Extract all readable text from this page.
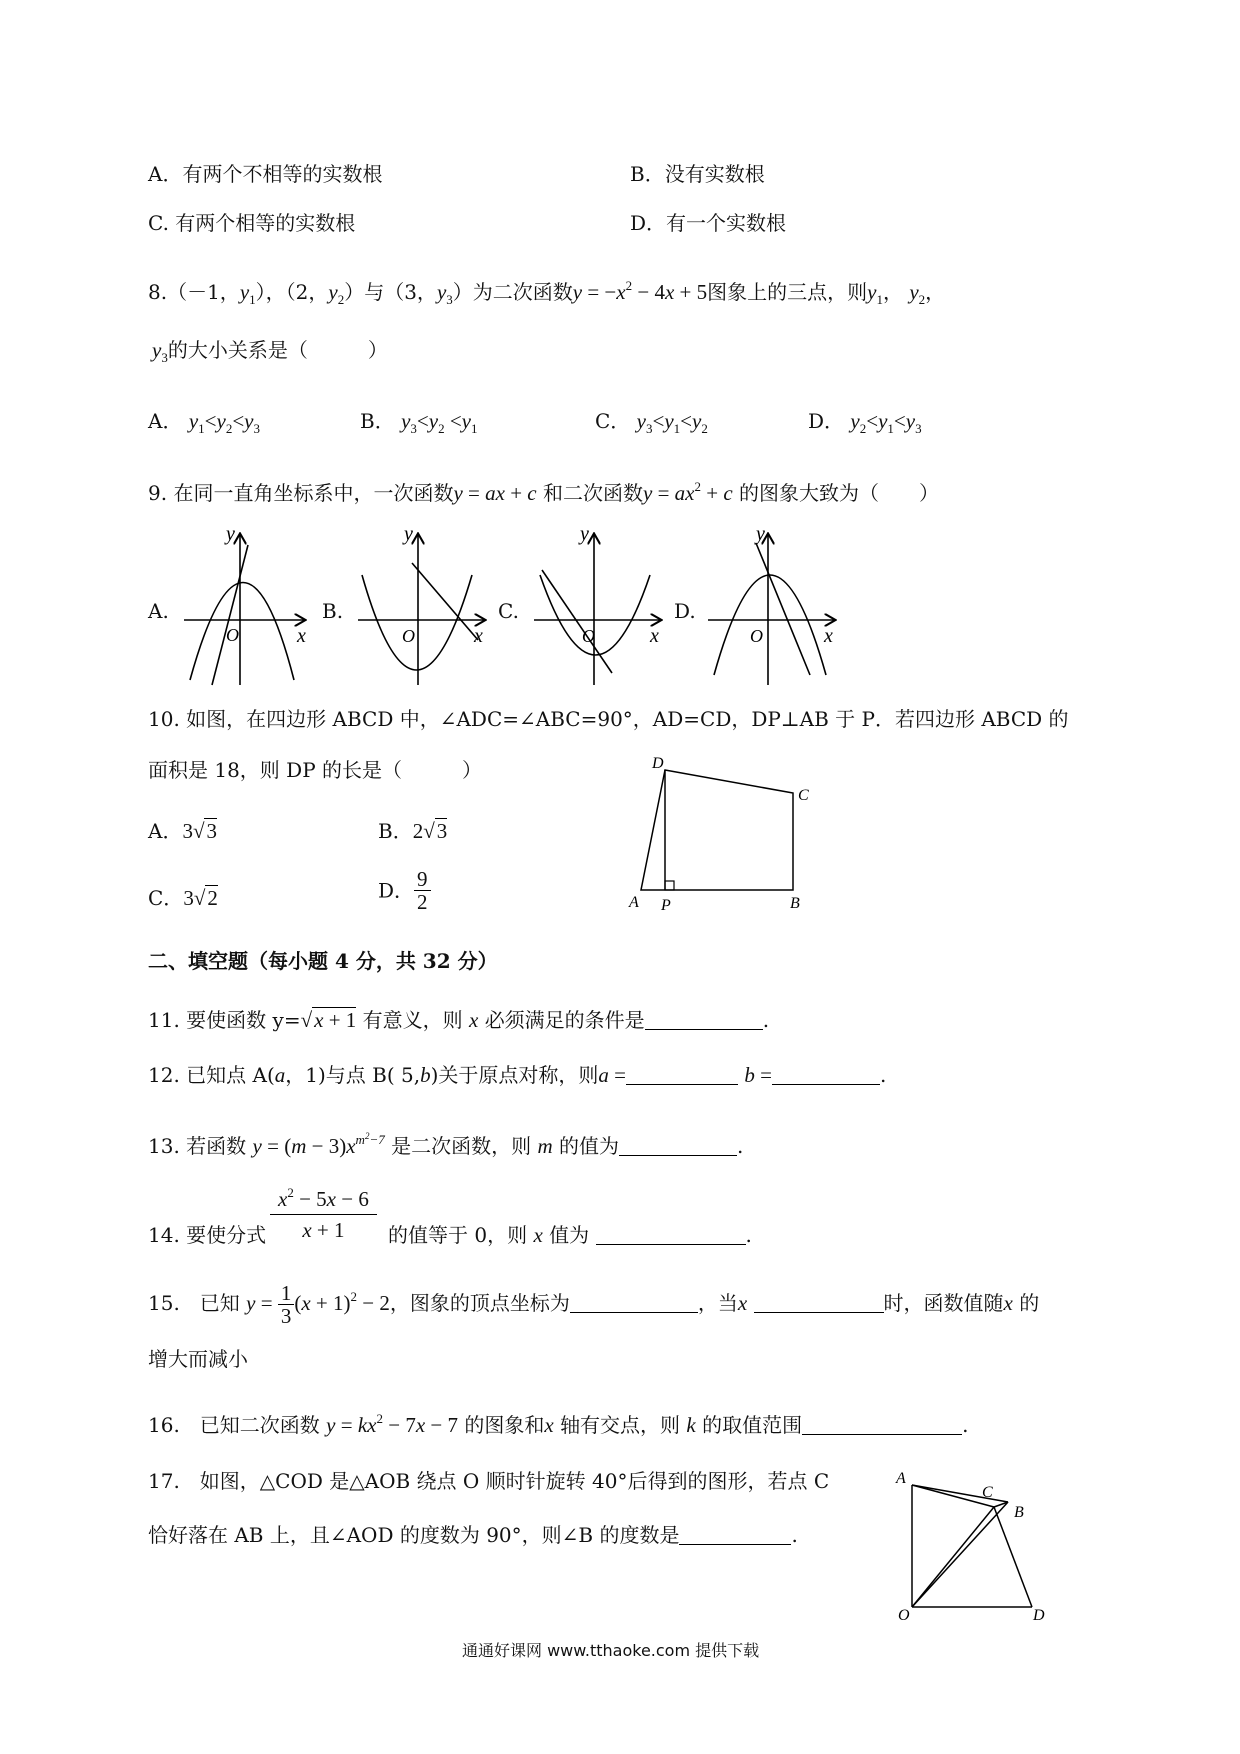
A．有两个不相等的实数根	B．没有实数根
C. 有两个相等的实数根	D．有一个实数根
8.（－1，$y_1$），（2，$y_2$）与（3，$y_3$）为二次函数$y = -x^2 - 4x + 5$图象上的三点，则$y_1$， $y_2$，
$y_3$的大小关系是（　　　）
A． $y_1<y_2<y_3$	B． $y_3<y_2 <y_1$	C． $y_3<y_1<y_2$	D． $y_2<y_1<y_3$
9. 在同一直角坐标系中，一次函数y = ax + c 和二次函数$y = ax^2 + c$ 的图象大致为（　　）
A.	B.	C.	D.
O	x
y
O	x
y
O	x
y
O	x
y
10. 如图，在四边形 ABCD 中，∠ADC=∠ABC=90°，AD=CD，DP⊥AB 于 P．若四边形 ABCD 的
面积是 18，则 DP 的长是（　　　）
A．3√3	B．2√3
C．3√2	D． $\frac{9}{2}$
D
C
B
A P
二、填空题（每小题 4 分，共 32 分）
11. 要使函数 y=√x + 1 有意义，则 x 必须满足的条件是	.
12. 已知点 A(a，1)与点 B( 5,b)关于原点对称，则a =	b =	.
13. 若函数 $y = (m - 3)x^{m^2-7}$ 是二次函数，则 m 的值为	.
14. 要使分式 $\frac{x^2 - 5x - 6}{x + 1}$ 的值等于 0，则 x 值为	.
15.　已知 $y = \frac{1}{3} (x + 1)^2 - 2$，图象的顶点坐标为	，当x	时，函数值随x 的
增大而减小
16.　已知二次函数 $y = kx^2 - 7x - 7$ 的图象和x 轴有交点，则 k 的取值范围	.
17.　如图，△COD 是△AOB 绕点 O 顺时针旋转 40°后得到的图形，若点 C
恰好落在 AB 上，且∠AOD 的度数为 90°，则∠B 的度数是	.
A
C
B
O	D
通通好课网 www.tthaoke.com 提供下载
